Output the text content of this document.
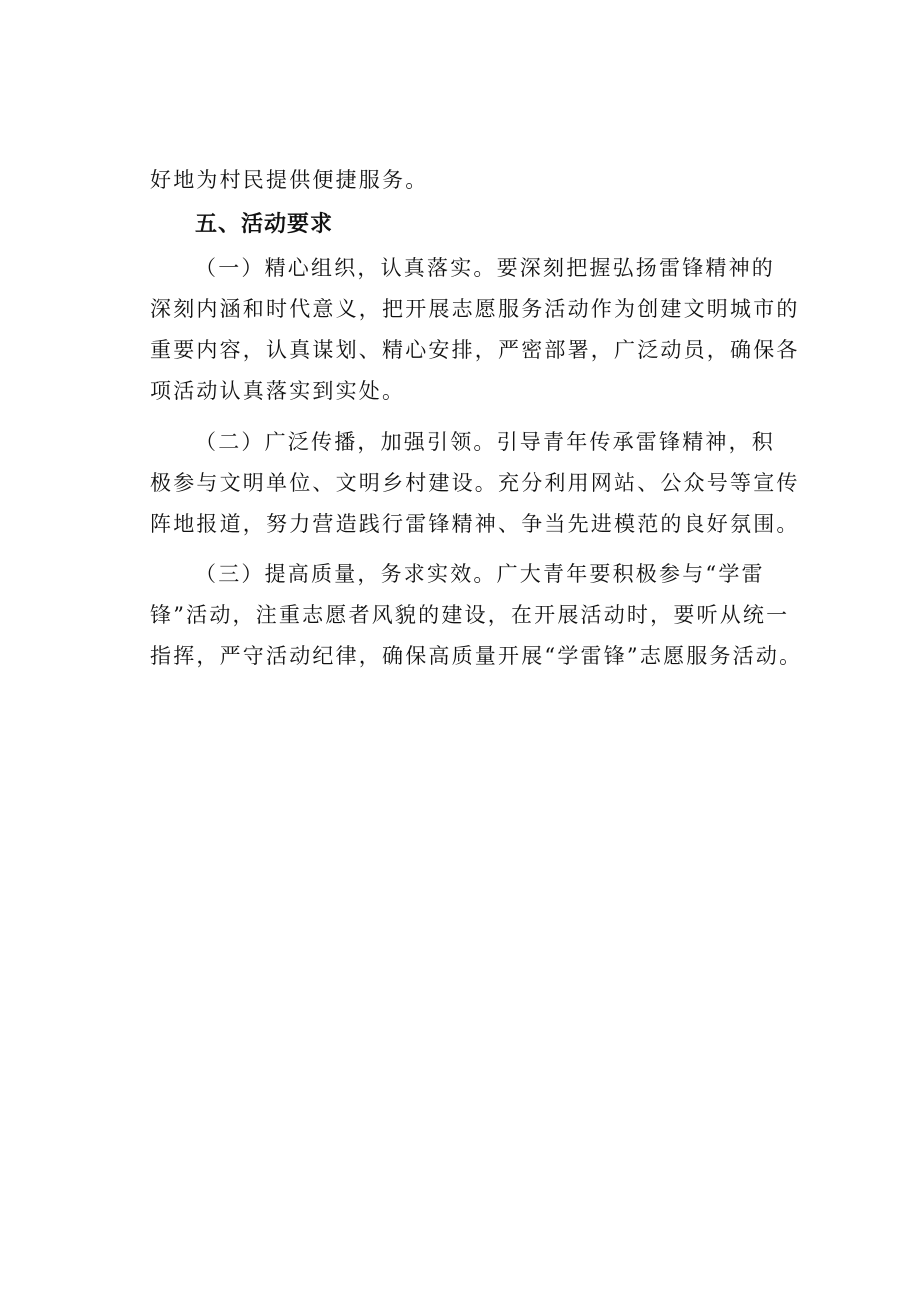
好地为村民提供便捷服务。
五、活动要求
（一）精心组织，认真落实。要深刻把握弘扬雷锋精神的
深刻内涵和时代意义，把开展志愿服务活动作为创建文明城市的
重要内容，认真谋划、精心安排，严密部署，广泛动员，确保各
项活动认真落实到实处。
（二）广泛传播，加强引领。引导青年传承雷锋精神，积
极参与文明单位、文明乡村建设。充分利用网站、公众号等宣传
阵地报道，努力营造践行雷锋精神、争当先进模范的良好氛围。
（三）提高质量，务求实效。广大青年要积极参与“学雷
锋”活动，注重志愿者风貌的建设，在开展活动时，要听从统一
指挥，严守活动纪律，确保高质量开展“学雷锋”志愿服务活动。
